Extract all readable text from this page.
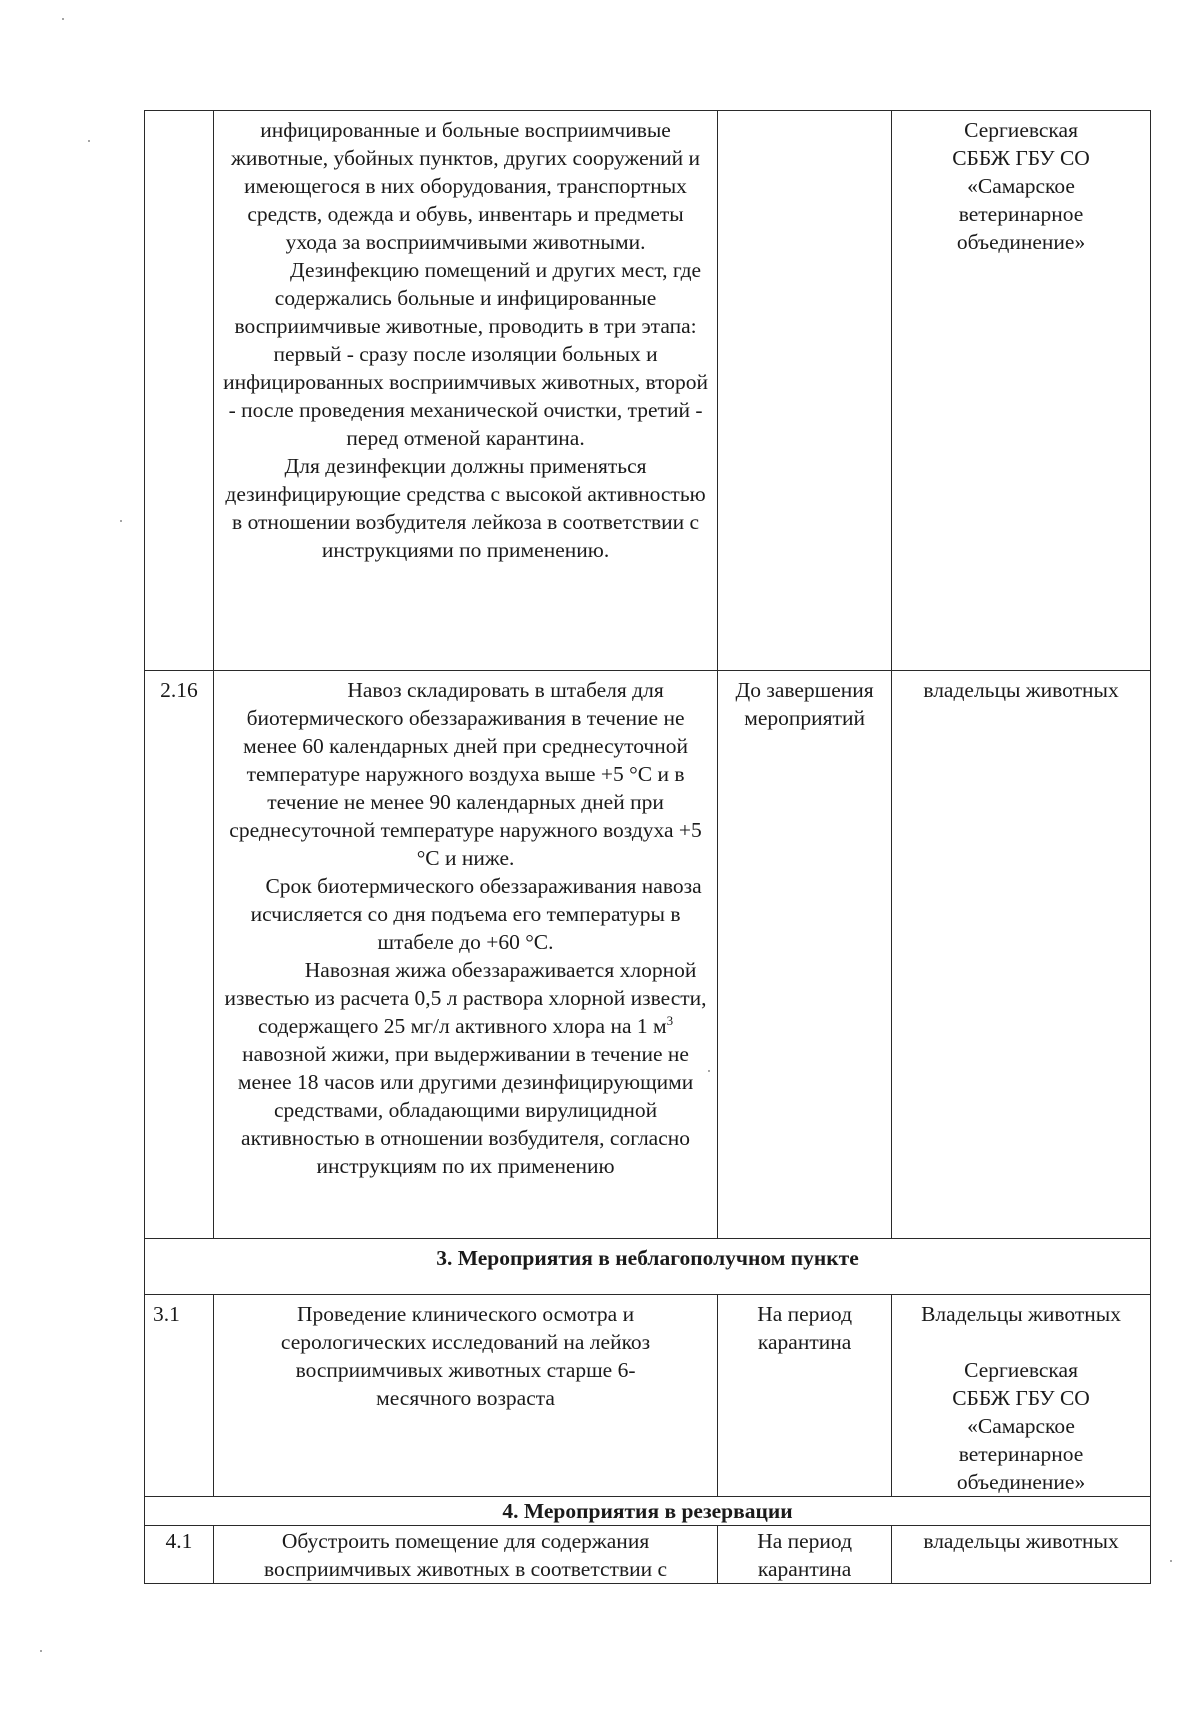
	инфицированные и больные восприимчивые животные, убойных пунктов, других сооружений и имеющегося в них оборудования, транспортных средств, одежда и обувь, инвентарь и предметы ухода за восприимчивыми животными.
Дезинфекцию помещений и других мест, где содержались больные и инфицированные восприимчивые животные, проводить в три этапа: первый - сразу после изоляции больных и инфицированных восприимчивых животных, второй - после проведения механической очистки, третий - перед отменой карантина.
Для дезинфекции должны применяться дезинфицирующие средства с высокой активностью в отношении возбудителя лейкоза в соответствии с инструкциями по применению.		Сергиевская СББЖ ГБУ СО «Самарское ветеринарное объединение»
2.16	Навоз складировать в штабеля для биотермического обеззараживания в течение не менее 60 календарных дней при среднесуточной температуре наружного воздуха выше +5 °С и в течение не менее 90 календарных дней при среднесуточной температуре наружного воздуха +5 °С и ниже.
Срок биотермического обеззараживания навоза исчисляется со дня подъема его температуры в штабеле до +60 °С.
Навозная жижа обеззараживается хлорной известью из расчета 0,5 л раствора хлорной извести, содержащего 25 мг/л активного хлора на 1 $м^3$ навозной жижи, при выдерживании в течение не менее 18 часов или другими дезинфицирующими средствами, обладающими вирулицидной активностью в отношении возбудителя, согласно инструкциям по их применению	До завершения мероприятий	владельцы животных
3. Мероприятия в неблагополучном пункте			
3.1	Проведение клинического осмотра и серологических исследований на лейкоз восприимчивых животных старше 6-месячного возраста	На период карантина	Владельцы животных
Сергиевская СББЖ ГБУ СО «Самарское ветеринарное объединение»

4. Мероприятия в резервации			
4.1	Обустроить помещение для содержания восприимчивых животных в соответствии с	На период карантина	владельцы животных
